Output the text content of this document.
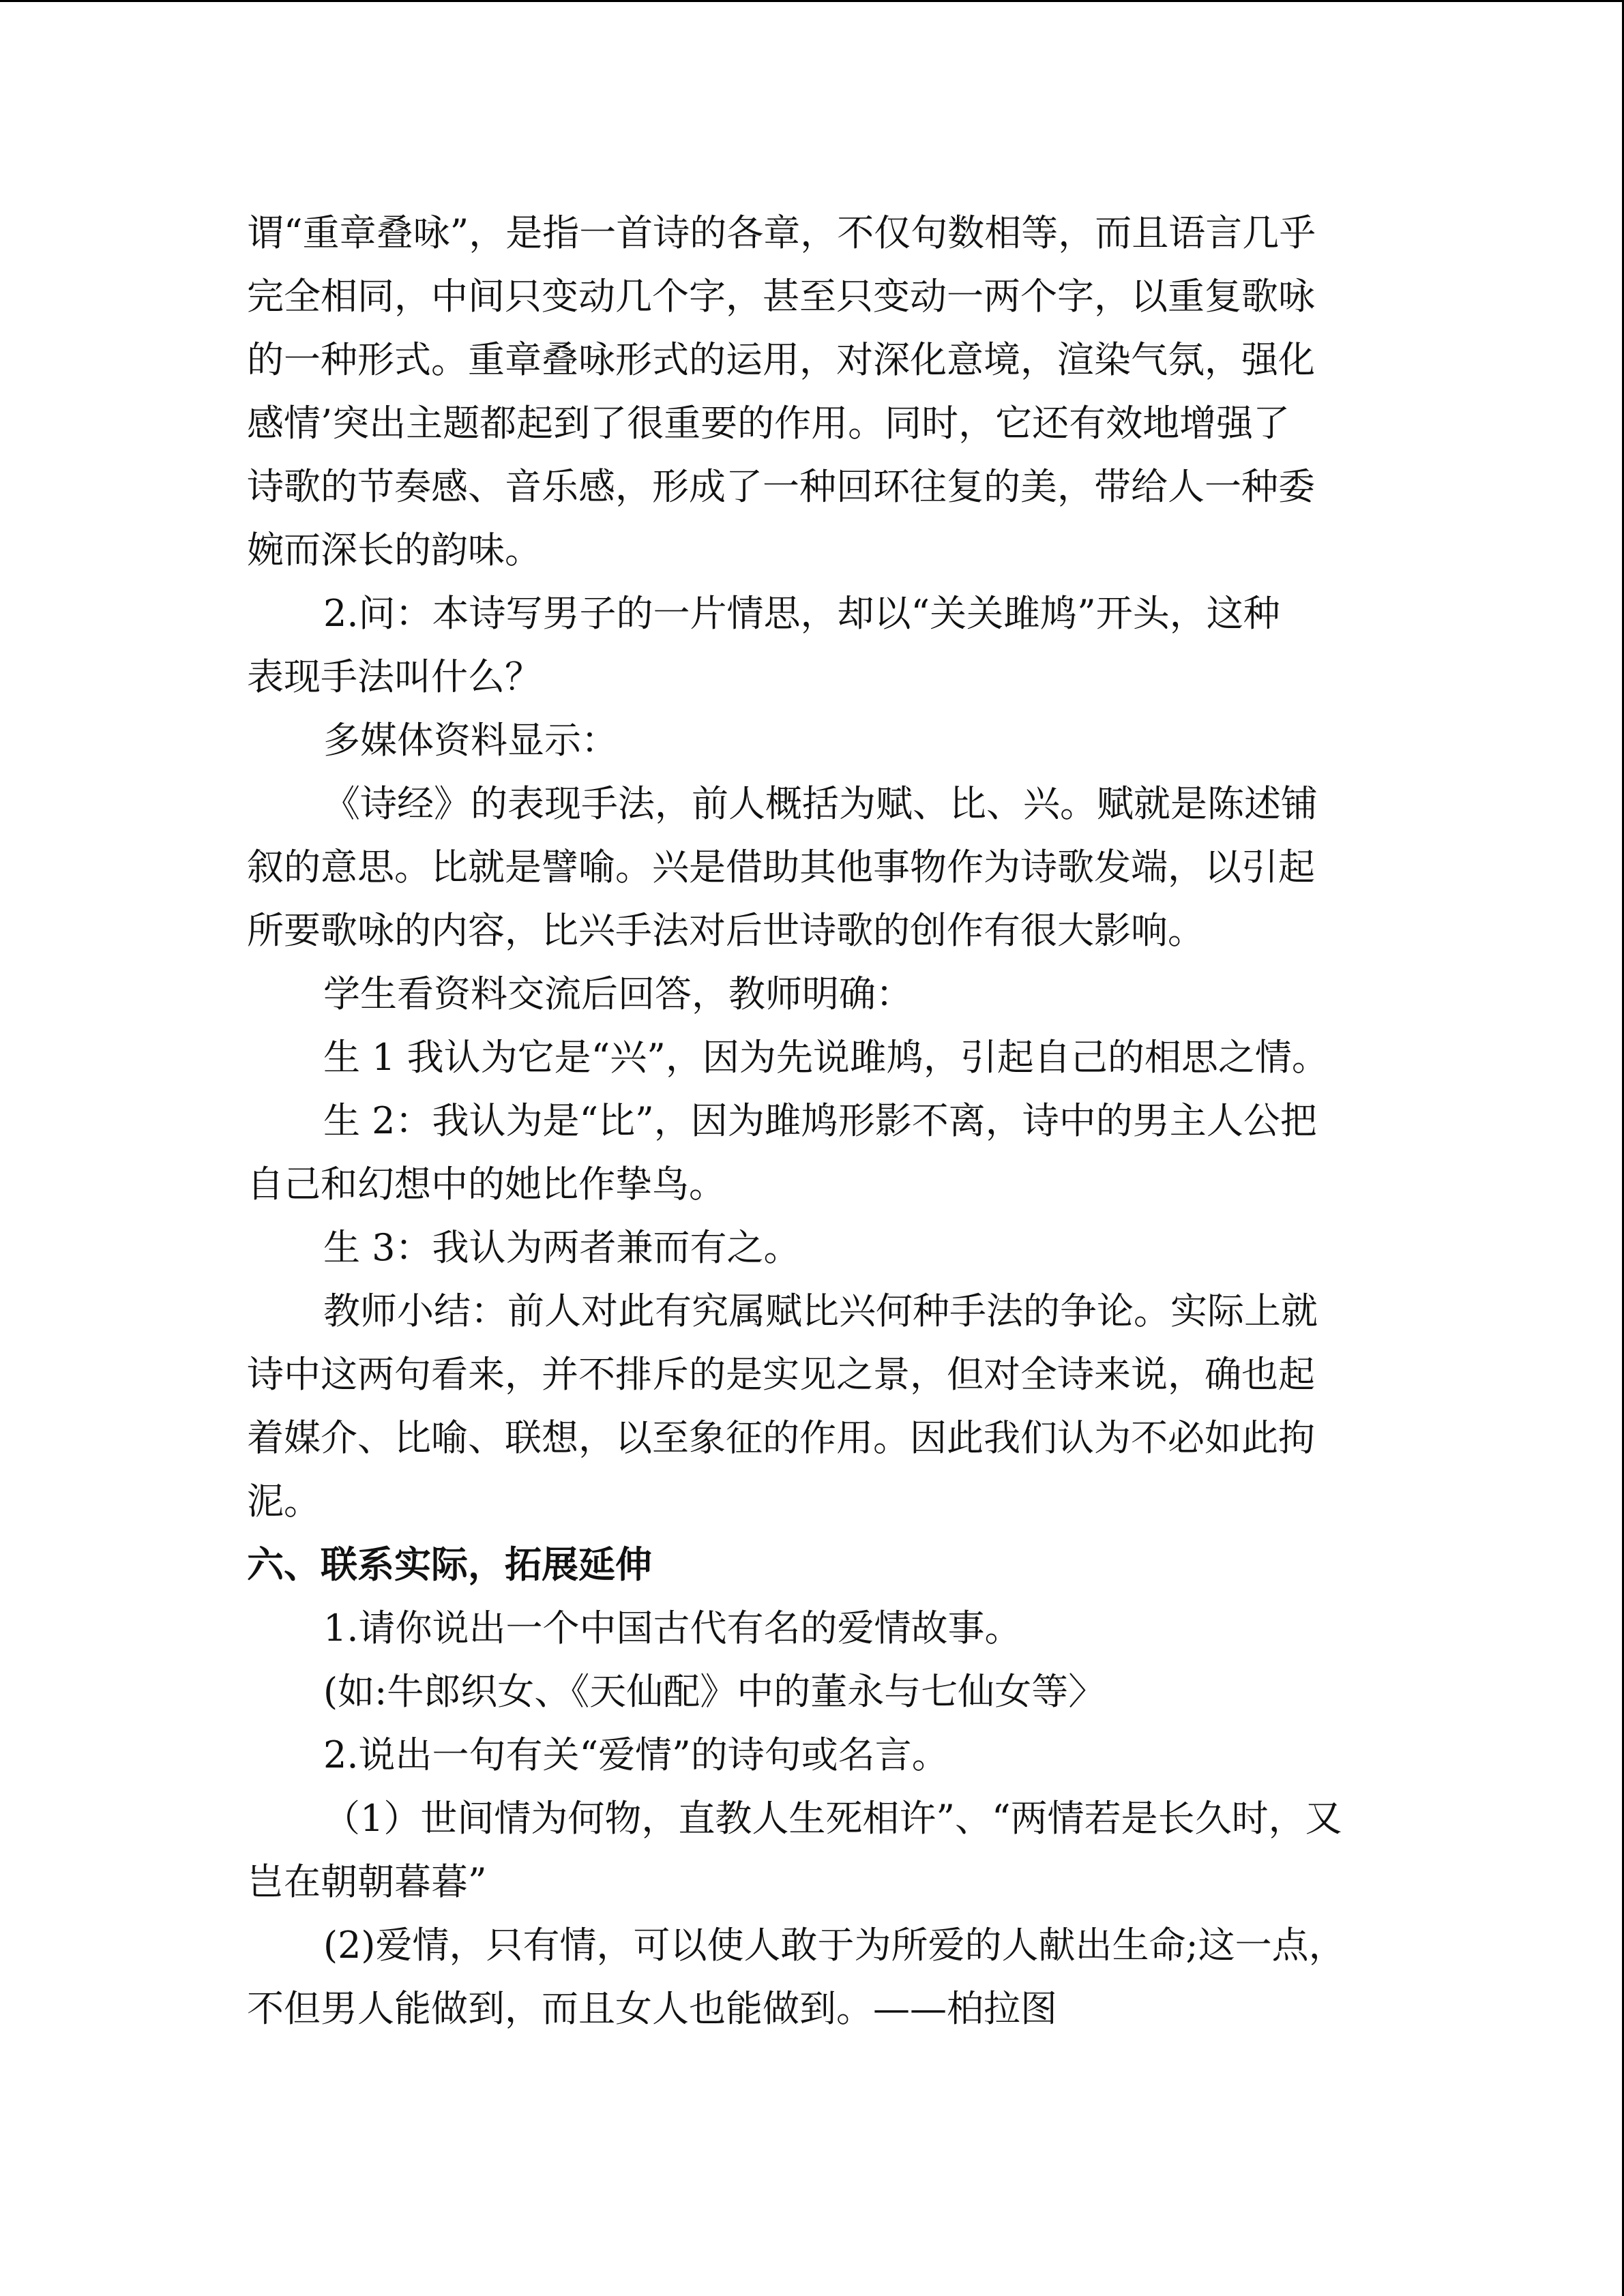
谓“重章叠咏”，是指一首诗的各章，不仅句数相等，而且语言几乎

完全相同，中间只变动几个字，甚至只变动一两个字，以重复歌咏

的一种形式。重章叠咏形式的运用，对深化意境，渲染气氛，强化

感情’突出主题都起到了很重要的作用。同时，它还有效地增强了

诗歌的节奏感、音乐感，形成了一种回环往复的美，带给人一种委

婉而深长的韵味。

2.问：本诗写男子的一片情思，却以“关关雎鸠”开头，这种

表现手法叫什么？

多媒体资料显示：

《诗经》的表现手法，前人概括为赋、比、兴。赋就是陈述铺

叙的意思。比就是譬喻。兴是借助其他事物作为诗歌发端，以引起

所要歌咏的内容，比兴手法对后世诗歌的创作有很大影响。

学生看资料交流后回答，教师明确：

生 1 我认为它是“兴”，因为先说雎鸠，引起自己的相思之情。

生 2：我认为是“比”，因为雎鸠形影不离，诗中的男主人公把

自己和幻想中的她比作挚鸟。

生 3：我认为两者兼而有之。

教师小结：前人对此有究属赋比兴何种手法的争论。实际上就

诗中这两句看来，并不排斥的是实见之景，但对全诗来说，确也起

着媒介、比喻、联想，以至象征的作用。因此我们认为不必如此拘

泥。

六、联系实际，拓展延伸

1.请你说出一个中国古代有名的爱情故事。

(如:牛郎织女、《天仙配》中的董永与七仙女等〉

2.说出一句有关“爱情”的诗句或名言。

（1）世间情为何物，直教人生死相许”、“两情若是长久时，又

岂在朝朝暮暮”

(2)爱情，只有情，可以使人敢于为所爱的人献出生命;这一点，

不但男人能做到，而且女人也能做到。——柏拉图
